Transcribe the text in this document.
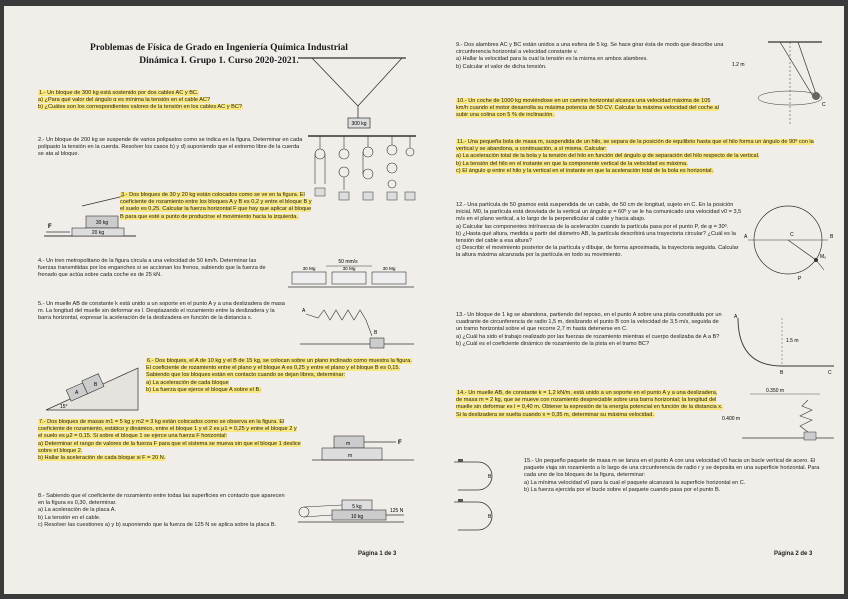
Problemas de Física de Grado en Ingeniería Química Industrial
Dinámica I. Grupo 1. Curso 2020-2021.
1.- Un bloque de 300 kg está sostenido por dos cables AC y BC.
a) ¿Para qué valor del ángulo α es mínima la tensión en el cable AC?
b) ¿Cuáles son los correspondientes valores de la tensión en los cables AC y BC?
300 kg
2.- Un bloque de 200 kg se suspende de varios polipastos como se indica en la figura. Determinar en cada polipasto la tensión en la cuerda. Resolver los casos b) y d) suponiendo que el extremo libre de la cuerda se ata al bloque.
30 kg
20 kg
F
3.- Dos bloques de 30 y 20 kg están colocados como se ve en la figura. El coeficiente de rozamiento entre los bloques A y B es 0,2 y entre el bloque B y el suelo es 0,25. Calcular la fuerza horizontal F que hay que aplicar al bloque B para que esté a punto de producirse el movimiento hacia la izquierda.
4.- Un tren metropolitano de la figura circula a una velocidad de 50 km/h. Determinar las fuerzas transmitidas por los enganches si se accionan los frenos, sabiendo que la fuerza de frenado que actúa sobre cada coche es de 25 kN.
50 mm/s
30 Mg	30 Mg	30 Mg
5.- Un muelle AB de constante k está unido a un soporte en el punto A y a una deslizadera de masa m. La longitud del muelle sin deformar es l. Desplazando el rozamiento entre la deslizadera y la barra horizontal, expresar la aceleración de la deslizadera en función de la distancia x.
A
B
A
B
15°
6.- Dos bloques, el A de 10 kg y el B de 15 kg, se colocan sobre un plano inclinado como muestra la figura. El coeficiente de rozamiento entre el plano y el bloque A es 0,25 y entre el plano y el bloque B es 0,15. Sabiendo que los bloques están en contacto cuando se dejan libres, determinar:
a) La aceleración de cada bloque
b) La fuerza que ejerce el bloque A sobre el B.
7.- Dos bloques de masas m1 = 5 kg y m2 = 3 kg están colocados como se observa en la figura. El coeficiente de rozamiento, estático y dinámico, entre el bloque 1 y el 2 es μ1 = 0,25 y entre el bloque 2 y el suelo es μ2 = 0,15. Si sobre el bloque 1 se ejerce una fuerza F horizontal:
a) Determinar el rango de valores de la fuerza F para que el sistema se mueva sin que el bloque 1 deslice sobre el bloque 2.
b) Hallar la aceleración de cada bloque si F = 20 N.
F
m
m
8.- Sabiendo que el coeficiente de rozamiento entre todas las superficies en contacto que aparecen en la figura es 0,30, determinar.
a) La aceleración de la placa A.
b) La tensión en el cable.
c) Resolver las cuestiones a) y b) suponiendo que la fuerza de 125 N se aplica sobre la placa B.
5 kg
10 kg
125 N
Página 1 de 3
9.- Dos alambres AC y BC están unidos a una esfera de 5 kg. Se hace girar ésta de modo que describe una circunferencia horizontal a velocidad constante v.
a) Hallar la velocidad para la cual la tensión es la misma en ambos alambres.
b) Calcular el valor de dicha tensión.	1.2 m
C
10.- Un coche de 1000 kg moviéndose en un camino horizontal alcanza una velocidad máxima de 105 km/h cuando el motor desarrolla su máxima potencia de 50 CV. Calcular la máxima velocidad del coche al subir una colina con 5 % de inclinación.
11.- Una pequeña bola de masa m, suspendida de un hilo, se separa de la posición de equilibrio hasta que el hilo forma un ángulo de 90º con la vertical y se abandona, a continuación, a sí misma. Calcular:
a) La aceleración total de la bola y la tensión del hilo en función del ángulo φ de separación del hilo respecto de la vertical.
b) La tensión del hilo en el instante en que la componente vertical de la velocidad es máxima.
c) El ángulo φ entre el hilo y la vertical en el instante en que la aceleración total de la bola es horizontal.
12.- Una partícula de 50 gramos está suspendida de un cable, de 50 cm de longitud, sujeto en C. En la posición inicial, M0, la partícula está desviada de la vertical un ángulo φ = 60º y se le ha comunicado una velocidad v0 = 3,5 m/s en el plano vertical, a lo largo de la perpendicular al cable y hacia abajo.
a) Calcular las componentes intrínsecas de la aceleración cuando la partícula pasa por el punto P, de φ = 30º.
b) ¿Hasta qué altura, medida a partir del diámetro AB, la partícula describirá una trayectoria circular? ¿Cuál es la tensión del cable a esa altura?
c) Describir el movimiento posterior de la partícula y dibujar, de forma aproximada, la trayectoria seguida. Calcular la altura máxima alcanzada por la partícula en todo su movimiento.
A	B
C
P
M₀
13.- Un bloque de 1 kg se abandona, partiendo del reposo, en el punto A sobre una pista constituida por un cuadrante de circunferencia de radio 1,5 m, deslizando el punto B con la velocidad de 3,5 m/s, seguida de un tramo horizontal sobre el que recorre 2,7 m hasta detenerse en C.
a) ¿Cuál ha sido el trabajo realizado por las fuerzas de rozamiento mientras el cuerpo deslizaba de A a B?
b) ¿Cuál es el coeficiente dinámico de rozamiento de la pista en el tramo BC?
A
B	C
1.5 m
14.- Un muelle AB, de constante k = 1,2 kN/m, está unido a un soporte en el punto A y a una deslizadera, de masa m = 2 kg, que se mueve con rozamiento despreciable sobre una barra horizontal; la longitud del muelle sin deformar es l = 0,40 m. Obtener la expresión de la energía potencial en función de la distancia x. Si la deslizadera se suelta cuando x = 0,35 m, determinar su máxima velocidad.
0.350 m
0.400 m
B
B
15.- Un pequeño paquete de masa m se lanza en el punto A con una velocidad v0 hacia un bucle vertical de acero. El paquete viaja sin rozamiento a lo largo de una circunferencia de radio r y se deposita en una superficie horizontal. Para cada uno de los bloques de la figura, determinar:
a) La mínima velocidad v0 para la cual el paquete alcanzará la superficie horizontal en C.
b) La fuerza ejercida por el bucle sobre el paquete cuando pasa por el punto B.
Página 2 de 3
